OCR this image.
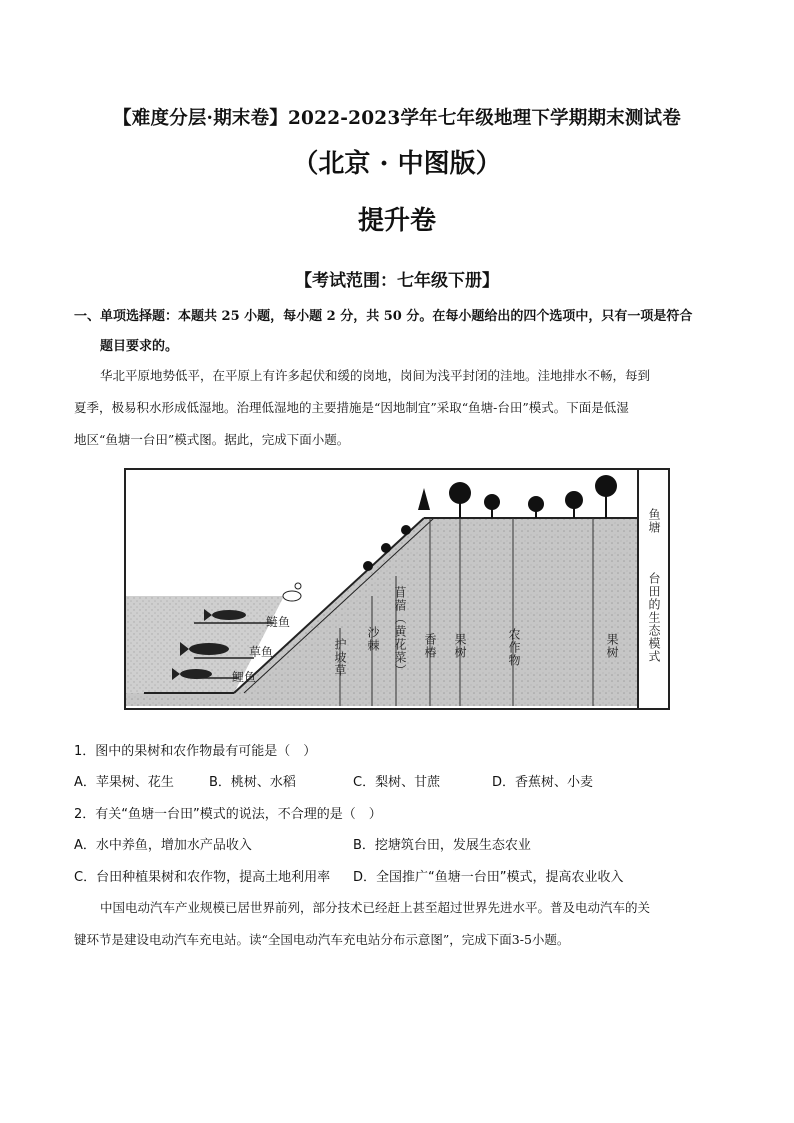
【难度分层·期末卷】2022-2023学年七年级地理下学期期末测试卷
（北京 · 中图版）
提升卷
【考试范围：七年级下册】
一、单项选择题：本题共 25 小题，每小题 2 分，共 50 分。在每小题给出的四个选项中，只有一项是符合
题目要求的。
华北平原地势低平，在平原上有许多起伏和缓的岗地，岗间为浅平封闭的洼地。洼地排水不畅，每到
夏季，极易积水形成低湿地。治理低湿地的主要措施是“因地制宜”采取“鱼塘-台田”模式。下面是低湿
地区“鱼塘一台田”模式图。据此，完成下面小题。
鲢鱼
草鱼
鲤鱼	护坡草 沙棘 苜蓿（黄花菜） 香椿 果树	农作物	果树
鱼塘
台田的生态模式
1．图中的果树和农作物最有可能是（　）
A．苹果树、花生	B．桃树、水稻	C．梨树、甘蔗	D．香蕉树、小麦
2．有关“鱼塘一台田”模式的说法，不合理的是（　）
A．水中养鱼，增加水产品收入	B．挖塘筑台田，发展生态农业
C．台田种植果树和农作物，提高土地利用率 D．全国推广“鱼塘一台田”模式，提高农业收入
中国电动汽车产业规模已居世界前列，部分技术已经赶上甚至超过世界先进水平。普及电动汽车的关
键环节是建设电动汽车充电站。读“全国电动汽车充电站分布示意图”，完成下面3-5小题。
